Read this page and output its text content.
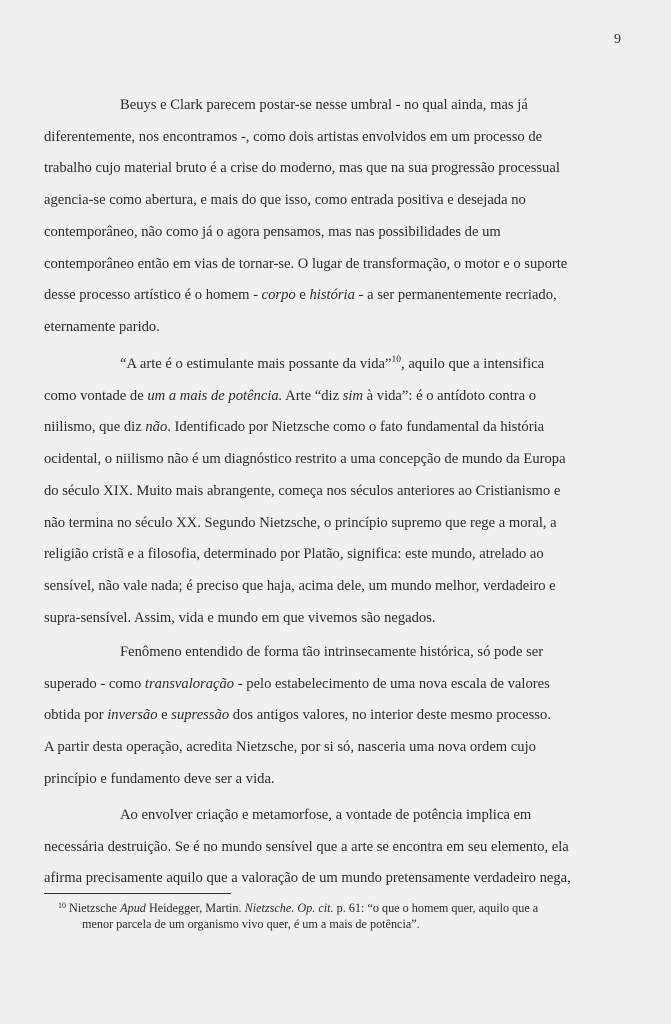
9
Beuys e Clark parecem postar-se nesse umbral - no qual ainda, mas já
diferentemente, nos encontramos -, como dois artistas envolvidos em um processo de
trabalho cujo material bruto é a crise do moderno, mas que na sua progressão processual
agencia-se como abertura, e mais do que isso, como entrada positiva e desejada no
contemporâneo, não como já o agora pensamos, mas nas possibilidades de um
contemporâneo então em vias de tornar-se. O lugar de transformação, o motor e o suporte
desse processo artístico é o homem - corpo e história - a ser permanentemente recriado,
eternamente parido.
“A arte é o estimulante mais possante da vida”$^{10}$, aquilo que a intensifica
como vontade de um a mais de potência. Arte “diz sim à vida”: é o antídoto contra o
niilismo, que diz não. Identificado por Nietzsche como o fato fundamental da história
ocidental, o niilismo não é um diagnóstico restrito a uma concepção de mundo da Europa
do século XIX. Muito mais abrangente, começa nos séculos anteriores ao Cristianismo e
não termina no século XX. Segundo Nietzsche, o princípio supremo que rege a moral, a
religião cristã e a filosofia, determinado por Platão, significa: este mundo, atrelado ao
sensível, não vale nada; é preciso que haja, acima dele, um mundo melhor, verdadeiro e
supra-sensível. Assim, vida e mundo em que vivemos são negados.
Fenômeno entendido de forma tão intrinsecamente histórica, só pode ser
superado - como transvaloração - pelo estabelecimento de uma nova escala de valores
obtida por inversão e supressão dos antigos valores, no interior deste mesmo processo.
A partir desta operação, acredita Nietzsche, por si só, nasceria uma nova ordem cujo
princípio e fundamento deve ser a vida.
Ao envolver criação e metamorfose, a vontade de potência implica em
necessária destruição. Se é no mundo sensível que a arte se encontra em seu elemento, ela
afirma precisamente aquilo que a valoração de um mundo pretensamente verdadeiro nega,
$^{10}$ Nietzsche Apud Heidegger, Martin. Nietzsche. Op. cit. p. 61: “o que o homem quer, aquilo que a
menor parcela de um organismo vivo quer, é um a mais de potência”.
